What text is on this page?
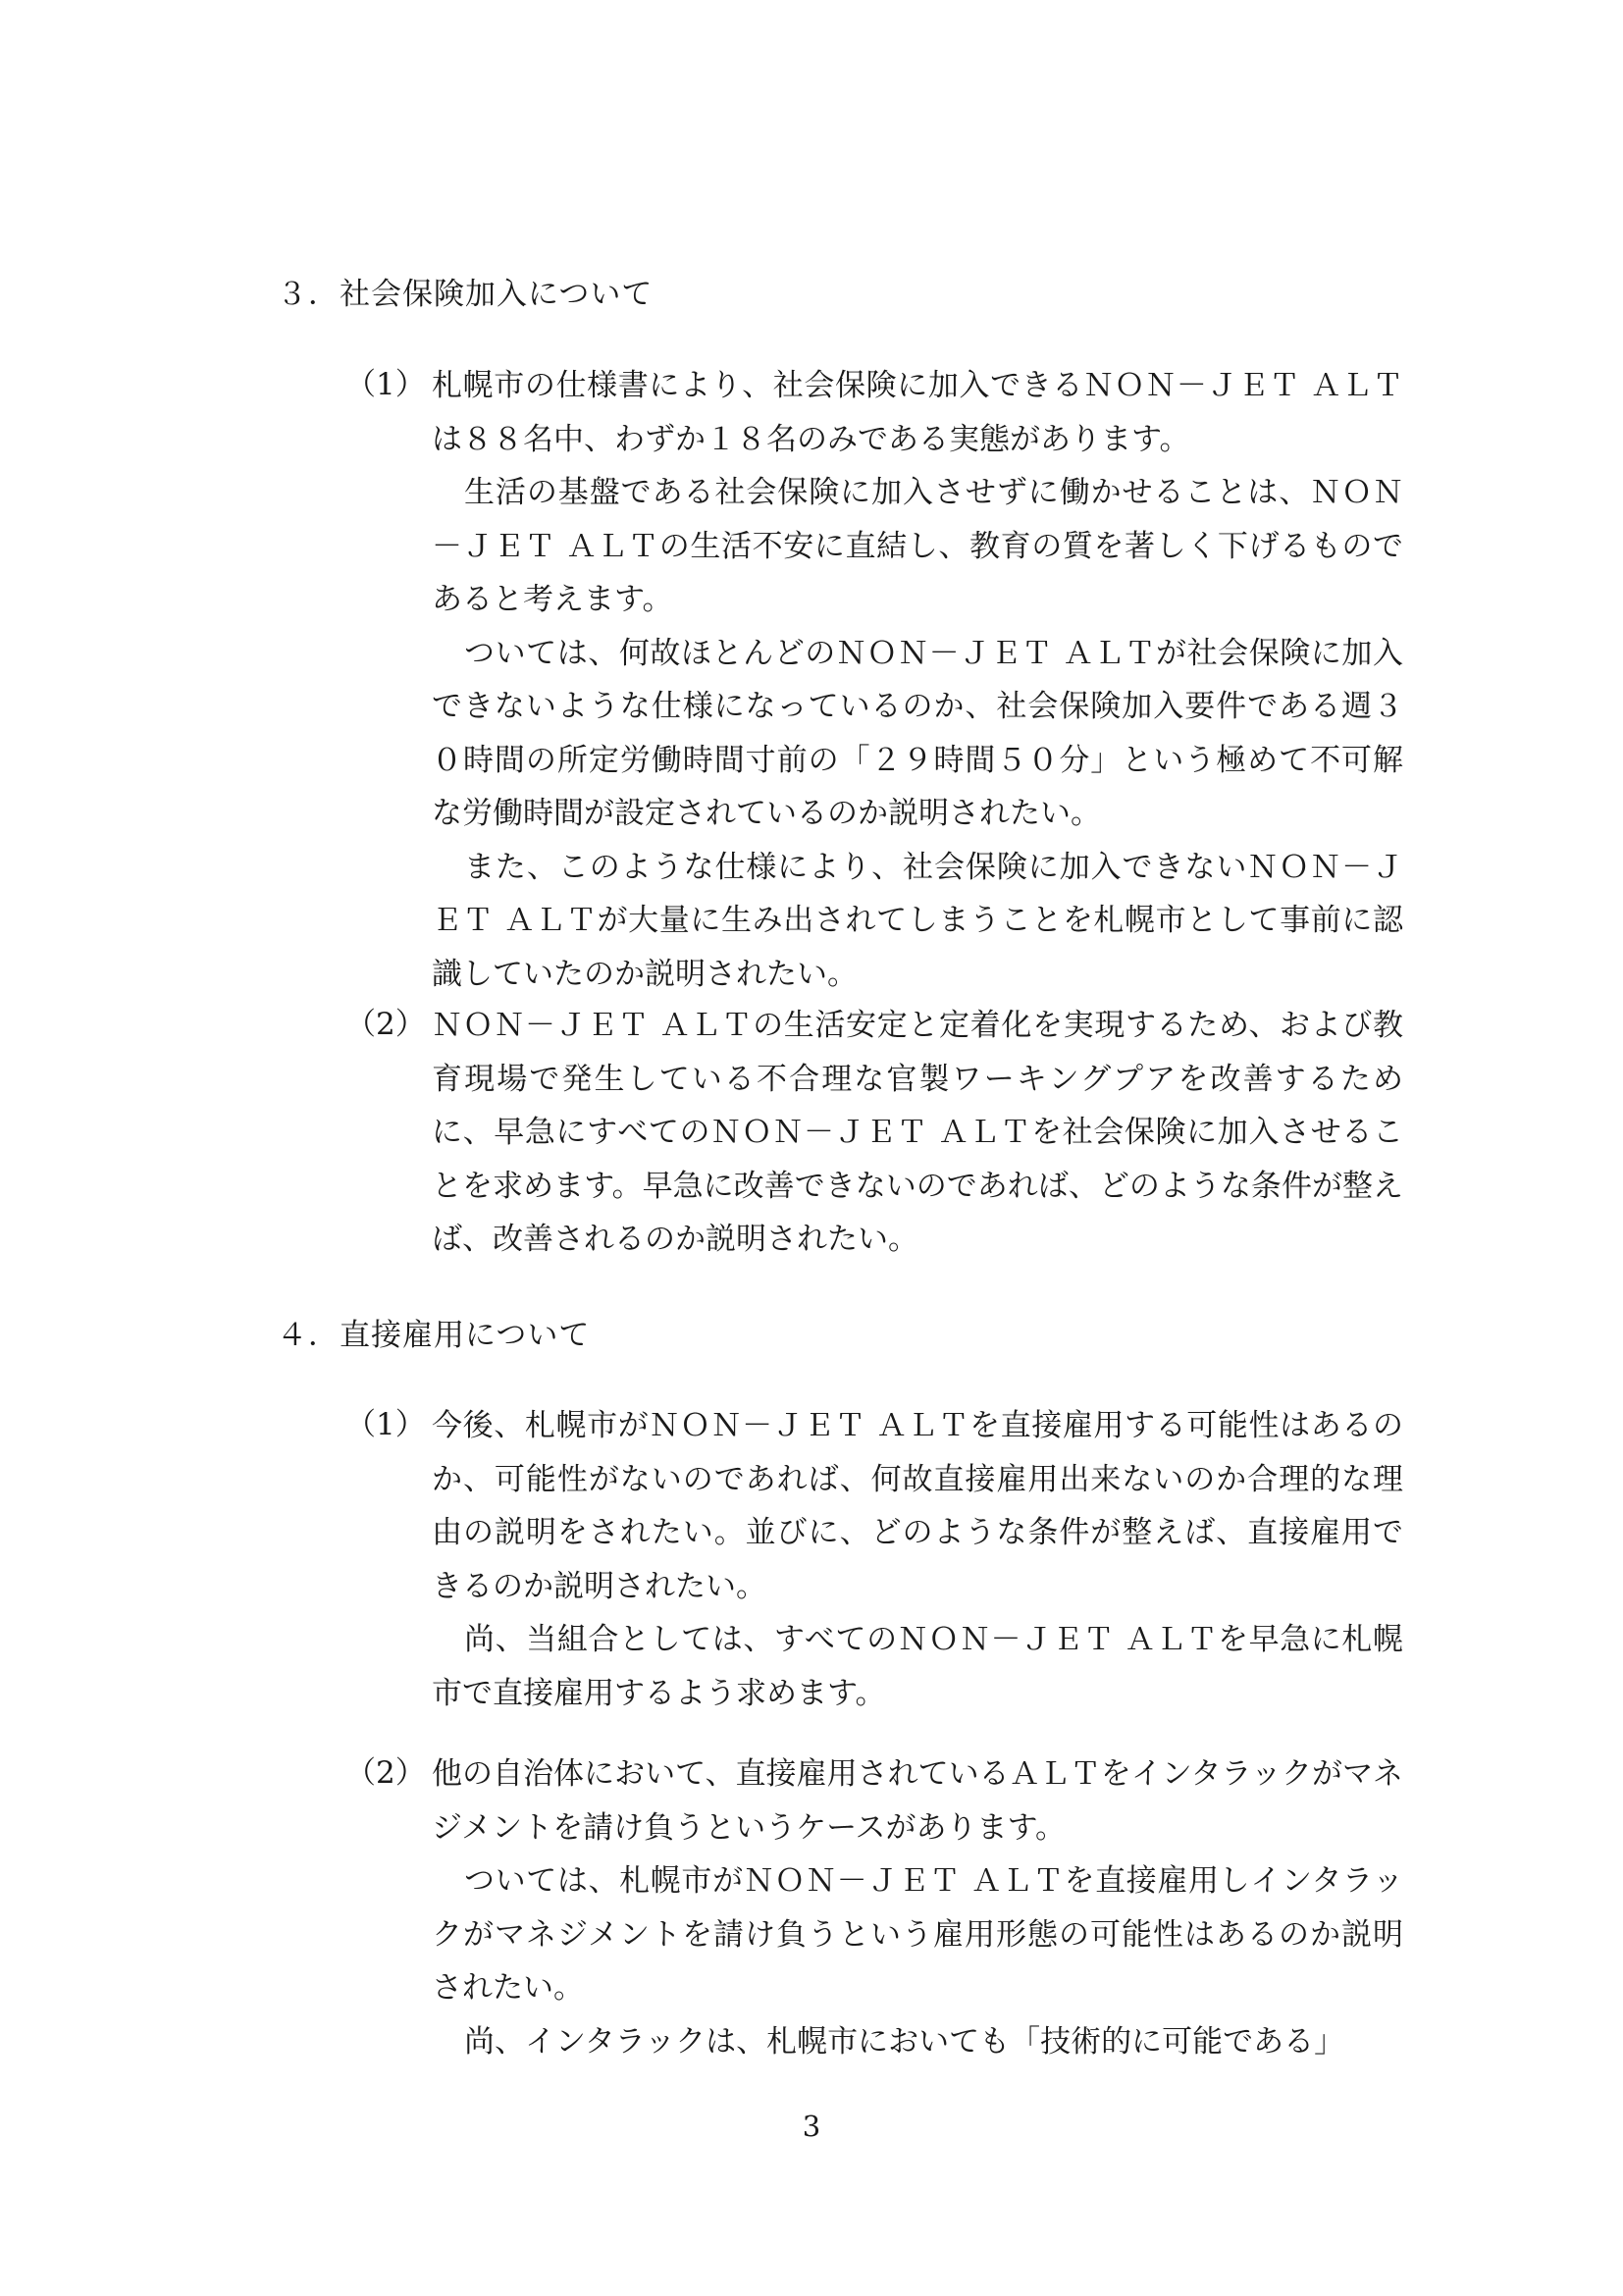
３．社会保険加入について
（1） 札幌市の仕様書により、社会保険に加入できるＮＯＮ－ＪＥＴ ＡＬＴは８８名中、わずか１８名のみである実態があります。

生活の基盤である社会保険に加入させずに働かせることは、ＮＯＮ－ＪＥＴ ＡＬＴの生活不安に直結し、教育の質を著しく下げるものであると考えます。

ついては、何故ほとんどのＮＯＮ－ＪＥＴ ＡＬＴが社会保険に加入できないような仕様になっているのか、社会保険加入要件である週３０時間の所定労働時間寸前の「２９時間５０分」という極めて不可解な労働時間が設定されているのか説明されたい。

また、このような仕様により、社会保険に加入できないＮＯＮ－ＪＥＴ ＡＬＴが大量に生み出されてしまうことを札幌市として事前に認識していたのか説明されたい。

（2） ＮＯＮ－ＪＥＴ ＡＬＴの生活安定と定着化を実現するため、および教育現場で発生している不合理な官製ワーキングプアを改善するために、早急にすべてのＮＯＮ－ＪＥＴ ＡＬＴを社会保険に加入させることを求めます。早急に改善できないのであれば、どのような条件が整えば、改善されるのか説明されたい。

４．直接雇用について
（1） 今後、札幌市がＮＯＮ－ＪＥＴ ＡＬＴを直接雇用する可能性はあるのか、可能性がないのであれば、何故直接雇用出来ないのか合理的な理由の説明をされたい。並びに、どのような条件が整えば、直接雇用できるのか説明されたい。

尚、当組合としては、すべてのＮＯＮ－ＪＥＴ ＡＬＴを早急に札幌市で直接雇用するよう求めます。

（2） 他の自治体において、直接雇用されているＡＬＴをインタラックがマネジメントを請け負うというケースがあります。

ついては、札幌市がＮＯＮ－ＪＥＴ ＡＬＴを直接雇用しインタラックがマネジメントを請け負うという雇用形態の可能性はあるのか説明されたい。

尚、インタラックは、札幌市においても「技術的に可能である」

3
